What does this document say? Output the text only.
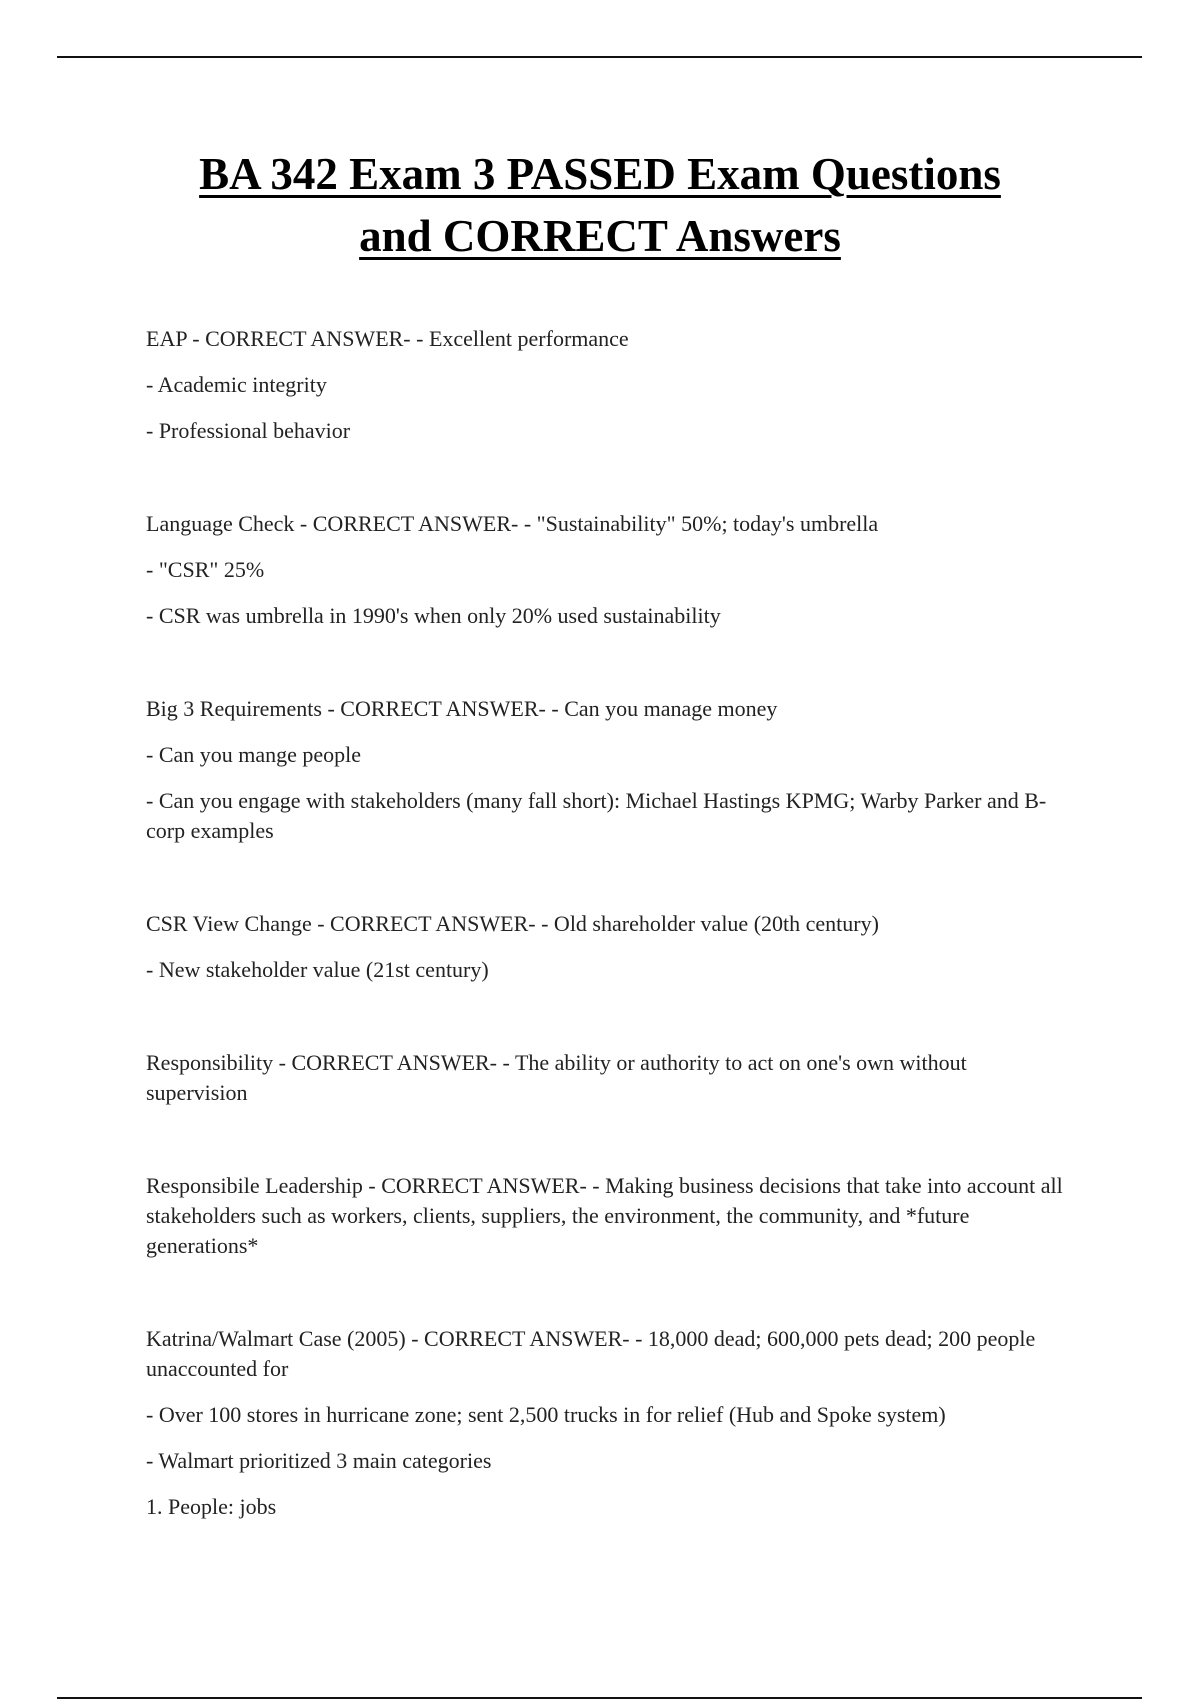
BA 342 Exam 3 PASSED Exam Questions
and CORRECT Answers

EAP - CORRECT ANSWER- - Excellent performance

- Academic integrity

- Professional behavior

Language Check - CORRECT ANSWER- - "Sustainability" 50%; today's umbrella

- "CSR" 25%

- CSR was umbrella in 1990's when only 20% used sustainability

Big 3 Requirements - CORRECT ANSWER- - Can you manage money

- Can you mange people

- Can you engage with stakeholders (many fall short): Michael Hastings KPMG; Warby Parker and B-corp examples

CSR View Change - CORRECT ANSWER- - Old shareholder value (20th century)

- New stakeholder value (21st century)

Responsibility - CORRECT ANSWER- - The ability or authority to act on one's own without supervision

Responsibile Leadership - CORRECT ANSWER- - Making business decisions that take into account all stakeholders such as workers, clients, suppliers, the environment, the community, and *future generations*

Katrina/Walmart Case (2005) - CORRECT ANSWER- - 18,000 dead; 600,000 pets dead; 200 people unaccounted for

- Over 100 stores in hurricane zone; sent 2,500 trucks in for relief (Hub and Spoke system)

- Walmart prioritized 3 main categories

1. People: jobs
